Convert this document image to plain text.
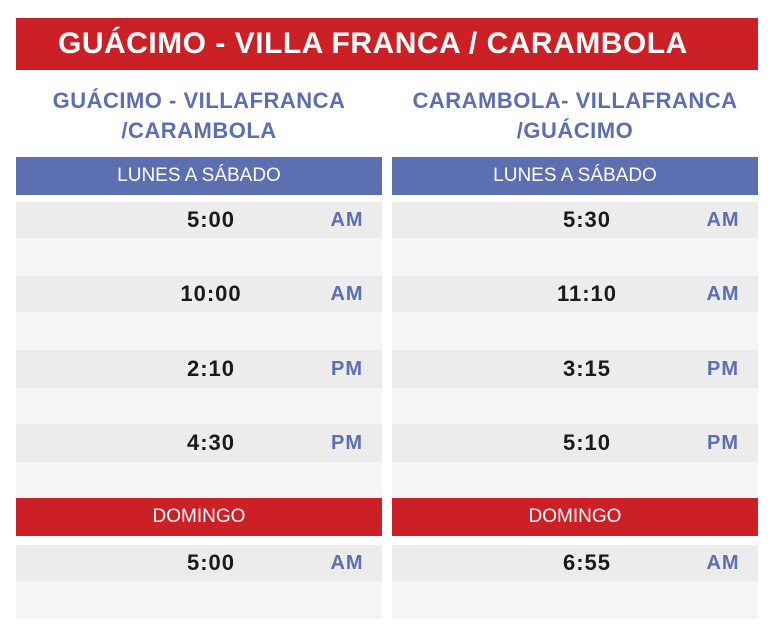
GUÁCIMO - VILLA FRANCA / CARAMBOLA
GUÁCIMO - VILLAFRANCA
/CARAMBOLA
LUNES A SÁBADO
5:00	AM
10:00	AM
2:10	PM
4:30	PM
DOMINGO
5:00	AM
CARAMBOLA- VILLAFRANCA
/GUÁCIMO
LUNES A SÁBADO
5:30	AM
11:10	AM
3:15	PM
5:10	PM
DOMINGO
6:55	AM
